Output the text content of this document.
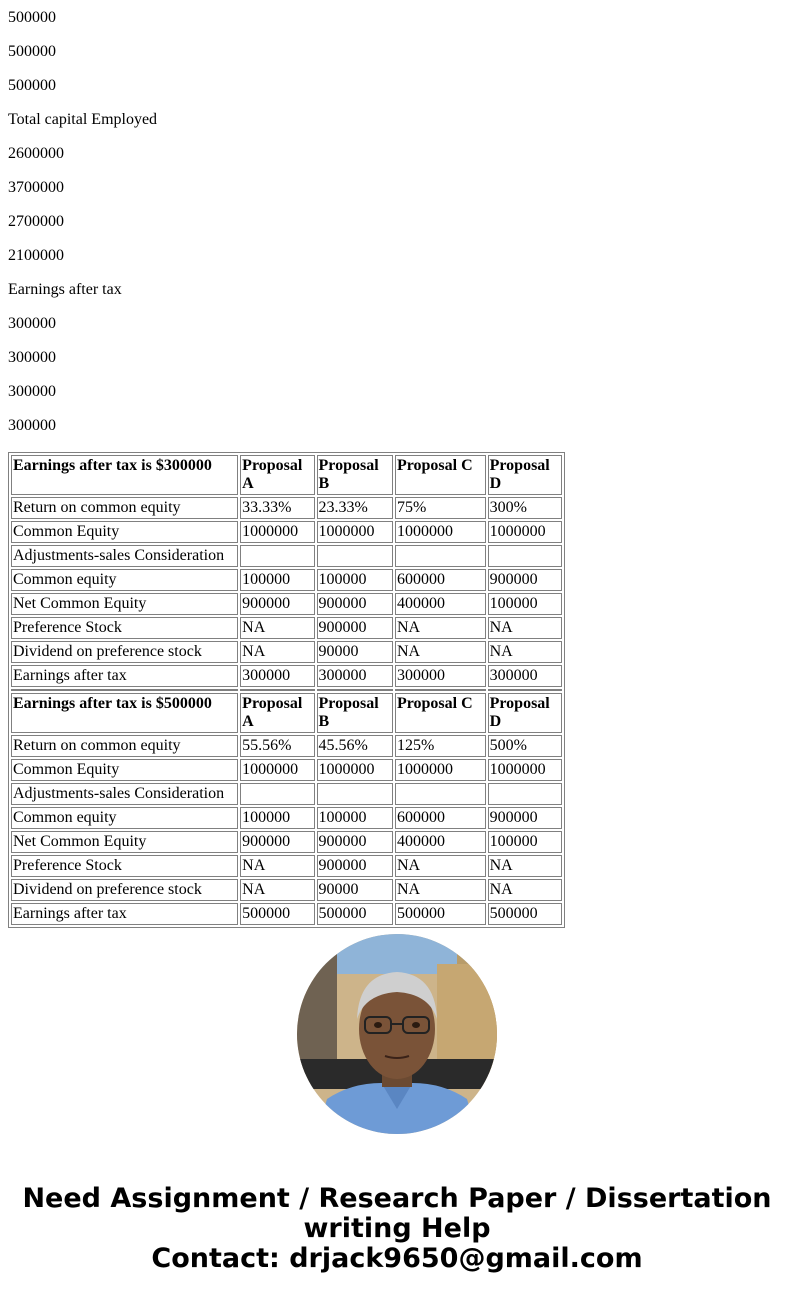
500000

500000

500000

Total capital Employed

2600000

3700000

2700000

2100000

Earnings after tax

300000

300000

300000

300000

Earnings after tax is $300000	Proposal A	Proposal B	Proposal C	Proposal D
Return on common equity	33.33%	23.33%	75%	300%
Common Equity	1000000	1000000	1000000	1000000
Adjustments-sales Consideration				
Common equity	100000	100000	600000	900000
Net Common Equity	900000	900000	400000	100000
Preference Stock	NA	900000	NA	NA
Dividend on preference stock	NA	90000	NA	NA
Earnings after tax	300000	300000	300000	300000

Earnings after tax is $500000	Proposal A	Proposal B	Proposal C	Proposal D
Return on common equity	55.56%	45.56%	125%	500%
Common Equity	1000000	1000000	1000000	1000000
Adjustments-sales Consideration				
Common equity	100000	100000	600000	900000
Net Common Equity	900000	900000	400000	100000
Preference Stock	NA	900000	NA	NA
Dividend on preference stock	NA	90000	NA	NA
Earnings after tax	500000	500000	500000	500000
Need Assignment / Research Paper / Dissertation writing Help
Contact: drjack9650@gmail.com
